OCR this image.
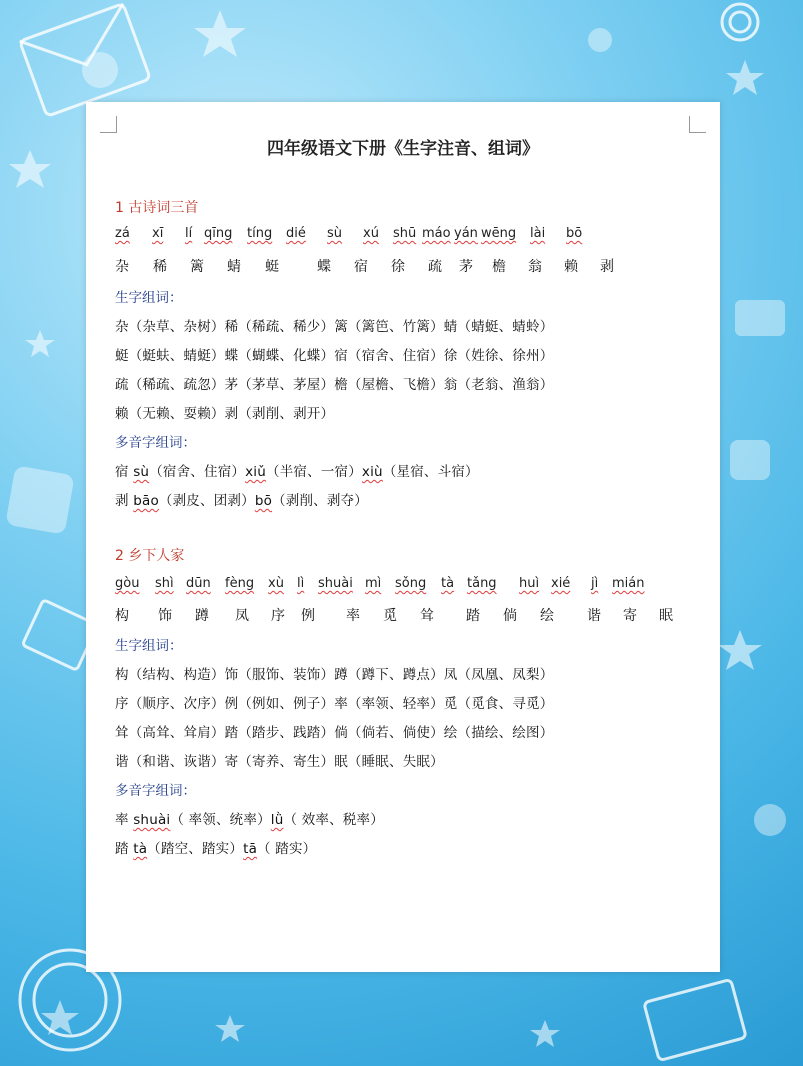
四年级语文下册《生字注音、组词》
1 古诗词三首
zá xī lí qīng tíng dié sù xú shū máo yán wēng lài bō
杂 稀 篱 蜻 蜓	蝶 宿 徐 疏 茅 檐 翁 赖 剥
生字组词：
杂（杂草、杂树）稀（稀疏、稀少）篱（篱笆、竹篱）蜻（蜻蜓、蜻蛉）
蜓（蜓蚨、蜻蜓）蝶（蝴蝶、化蝶）宿（宿舍、住宿）徐（姓徐、徐州）
疏（稀疏、疏忽）茅（茅草、茅屋）檐（屋檐、飞檐）翁（老翁、渔翁）
赖（无赖、耍赖）剥（剥削、剥开）
多音字组词：
宿 sù（宿舍、住宿）xiǔ（半宿、一宿）xiù（星宿、斗宿）
剥 bāo（剥皮、团剥）bō（剥削、剥夺）
2 乡下人家
gòu shì dūn fèng xù lì shuài mì sǒng tà tǎng huì xié jì mián
构 饰 蹲 凤 序 例 率 觅 耸 踏 倘 绘 谐 寄 眠
生字组词：
构（结构、构造）饰（服饰、装饰）蹲（蹲下、蹲点）凤（凤凰、凤梨）
序（顺序、次序）例（例如、例子）率（率领、轻率）觅（觅食、寻觅）
耸（高耸、耸肩）踏（踏步、践踏）倘（倘若、倘使）绘（描绘、绘图）
谐（和谐、诙谐）寄（寄养、寄生）眠（睡眠、失眠）
多音字组词：
率 shuài（ 率领、统率）lǜ（ 效率、税率）
踏 tà（踏空、踏实）tā（ 踏实）
